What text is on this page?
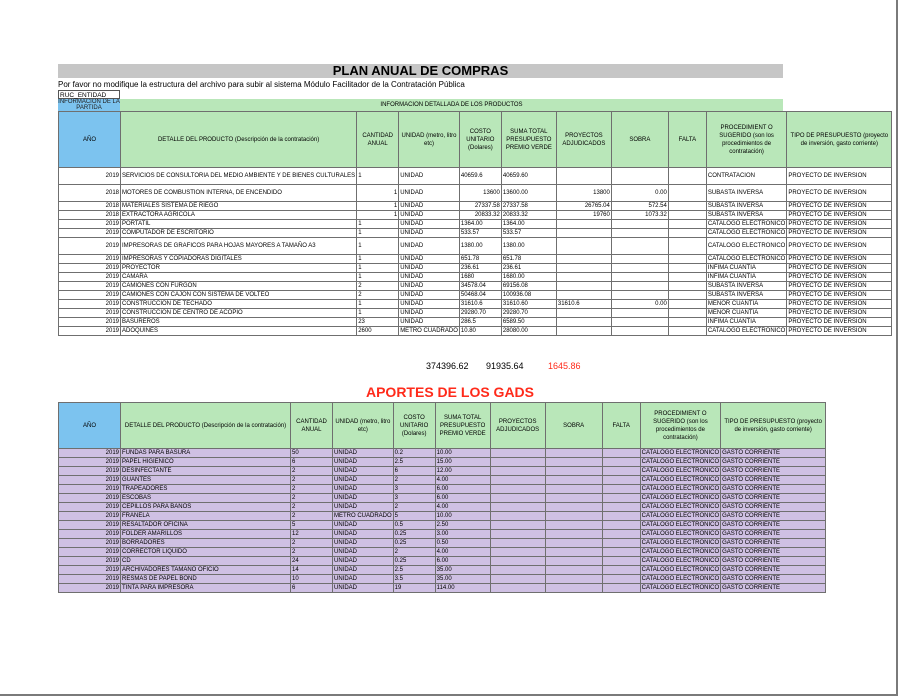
PLAN ANUAL DE COMPRAS
Por favor no modifique la estructura del archivo para subir al sistema Módulo Facilitador de la Contratación Pública
RUC_ENTIDAD
INFORMACION DE LA PARTIDA	INFORMACION DETALLADA DE LOS PRODUCTOS
AÑO	DETALLE DEL PRODUCTO (Descripción de la contratación)	CANTIDAD ANUAL	UNIDAD (metro, litro etc)	COSTO UNITARIO (Dolares)	SUMA TOTAL PRESUPUESTO PREMIO VERDE	PROYECTOS ADJUDICADOS	SOBRA	FALTA	PROCEDIMIENT O SUGERIDO (son los procedimientos de contratación)	TIPO DE PRESUPUESTO (proyecto de inversión, gasto corriente)
2019	SERVICIOS DE CONSULTORIA DEL MEDIO AMBIENTE Y DE BIENES CULTURALES	1	UNIDAD	40659.6	40659.60				CONTRATACION	PROYECTO DE INVERSION
2018	MOTORES DE COMBUSTION INTERNA, DE ENCENDIDO	1	UNIDAD	13600	13600.00	13800	0.00		SUBASTA INVERSA	PROYECTO DE INVERSION
2018	MATERIALES SISTEMA DE RIEGO	1	UNIDAD	27337.58	27337.58	26765.04	572.54		SUBASTA INVERSA	PROYECTO DE INVERSION
2018	EXTRACTORA AGRICOLA	1	UNIDAD	20833.32	20833.32	19760	1073.32		SUBASTA INVERSA	PROYECTO DE INVERSION
2019	PORTATIL	1	UNIDAD	1364.00	1364.00				CATALOGO ELECTRONICO	PROYECTO DE INVERSION
2019	COMPUTADOR DE ESCRITORIO	1	UNIDAD	533.57	533.57				CATALOGO ELECTRONICO	PROYECTO DE INVERSION
2019	IMPRESORAS DE GRAFICOS PARA HOJAS MAYORES A TAMAÑO A3	1	UNIDAD	1380.00	1380.00				CATALOGO ELECTRONICO	PROYECTO DE INVERSION
2019	IMPRESORAS Y COPIADORAS DIGITALES	1	UNIDAD	651.78	651.78				CATALOGO ELECTRONICO	PROYECTO DE INVERSION
2019	PROYECTOR	1	UNIDAD	236.61	236.61				INFIMA CUANTIA	PROYECTO DE INVERSION
2019	CAMARA	1	UNIDAD	1680	1680.00				INFIMA CUANTIA	PROYECTO DE INVERSION
2019	CAMIONES CON FURGON	2	UNIDAD	34578.04	69156.08				SUBASTA INVERSA	PROYECTO DE INVERSION
2019	CAMIONES CON CAJON CON SISTEMA DE VOLTEO	2	UNIDAD	50468.04	100936.08				SUBASTA INVERSA	PROYECTO DE INVERSION
2019	CONSTRUCCION DE TECHADO	1	UNIDAD	31610.6	31610.60	31610.6	0.00		MENOR CUANTIA	PROYECTO DE INVERSION
2019	CONSTRUCCION DE CENTRO DE ACOPIO	1	UNIDAD	29280.70	29280.70				MENOR CUANTIA	PROYECTO DE INVERSION
2019	BASUREROS	23	UNIDAD	286.5	6589.50				INFIMA CUANTIA	PROYECTO DE INVERSION
2019	ADOQUINES	2600	METRO CUADRADO	10.80	28080.00				CATALOGO ELECTRONICO	PROYECTO DE INVERSION
374396.62 91935.64	1645.86
APORTES DE LOS GADS
AÑO	DETALLE DEL PRODUCTO (Descripción de la contratación)	CANTIDAD ANUAL	UNIDAD (metro, litro etc)	COSTO UNITARIO (Dolares)	SUMA TOTAL PRESUPUESTO PREMIO VERDE	PROYECTOS ADJUDICADOS	SOBRA	FALTA	PROCEDIMIENT O SUGERIDO (son los procedimientos de contratación)	TIPO DE PRESUPUESTO (proyecto de inversión, gasto corriente)
2019	FUNDAS PARA BASURA	50	UNIDAD	0.2	10.00				CATALOGO ELECTRONICO	GASTO CORRIENTE
2019	PAPEL HIGIENICO	6	UNIDAD	2.5	15.00				CATALOGO ELECTRONICO	GASTO CORRIENTE
2019	DESINFECTANTE	2	UNIDAD	6	12.00				CATALOGO ELECTRONICO	GASTO CORRIENTE
2019	GUANTES	2	UNIDAD	2	4.00				CATALOGO ELECTRONICO	GASTO CORRIENTE
2019	TRAPEADORES	2	UNIDAD	3	6.00				CATALOGO ELECTRONICO	GASTO CORRIENTE
2019	ESCOBAS	2	UNIDAD	3	6.00				CATALOGO ELECTRONICO	GASTO CORRIENTE
2019	CEPILLOS PARA BAÑOS	2	UNIDAD	2	4.00				CATALOGO ELECTRONICO	GASTO CORRIENTE
2019	FRANELA	2	METRO CUADRADO	5	10.00				CATALOGO ELECTRONICO	GASTO CORRIENTE
2019	RESALTADOR OFICINA	5	UNIDAD	0.5	2.50				CATALOGO ELECTRONICO	GASTO CORRIENTE
2019	FOLDER AMARILLOS	12	UNIDAD	0.25	3.00				CATALOGO ELECTRONICO	GASTO CORRIENTE
2019	BORRADORES	2	UNIDAD	0.25	0.50				CATALOGO ELECTRONICO	GASTO CORRIENTE
2019	CORRECTOR LIQUIDO	2	UNIDAD	2	4.00				CATALOGO ELECTRONICO	GASTO CORRIENTE
2019	CD	24	UNIDAD	0.25	6.00				CATALOGO ELECTRONICO	GASTO CORRIENTE
2019	ARCHIVADORES TAMAÑO OFICIO	14	UNIDAD	2.5	35.00				CATALOGO ELECTRONICO	GASTO CORRIENTE
2019	RESMAS DE PAPEL BOND	10	UNIDAD	3.5	35.00				CATALOGO ELECTRONICO	GASTO CORRIENTE
2019	TINTA PARA IMPRESORA	6	UNIDAD	19	114.00				CATALOGO ELECTRONICO	GASTO CORRIENTE
